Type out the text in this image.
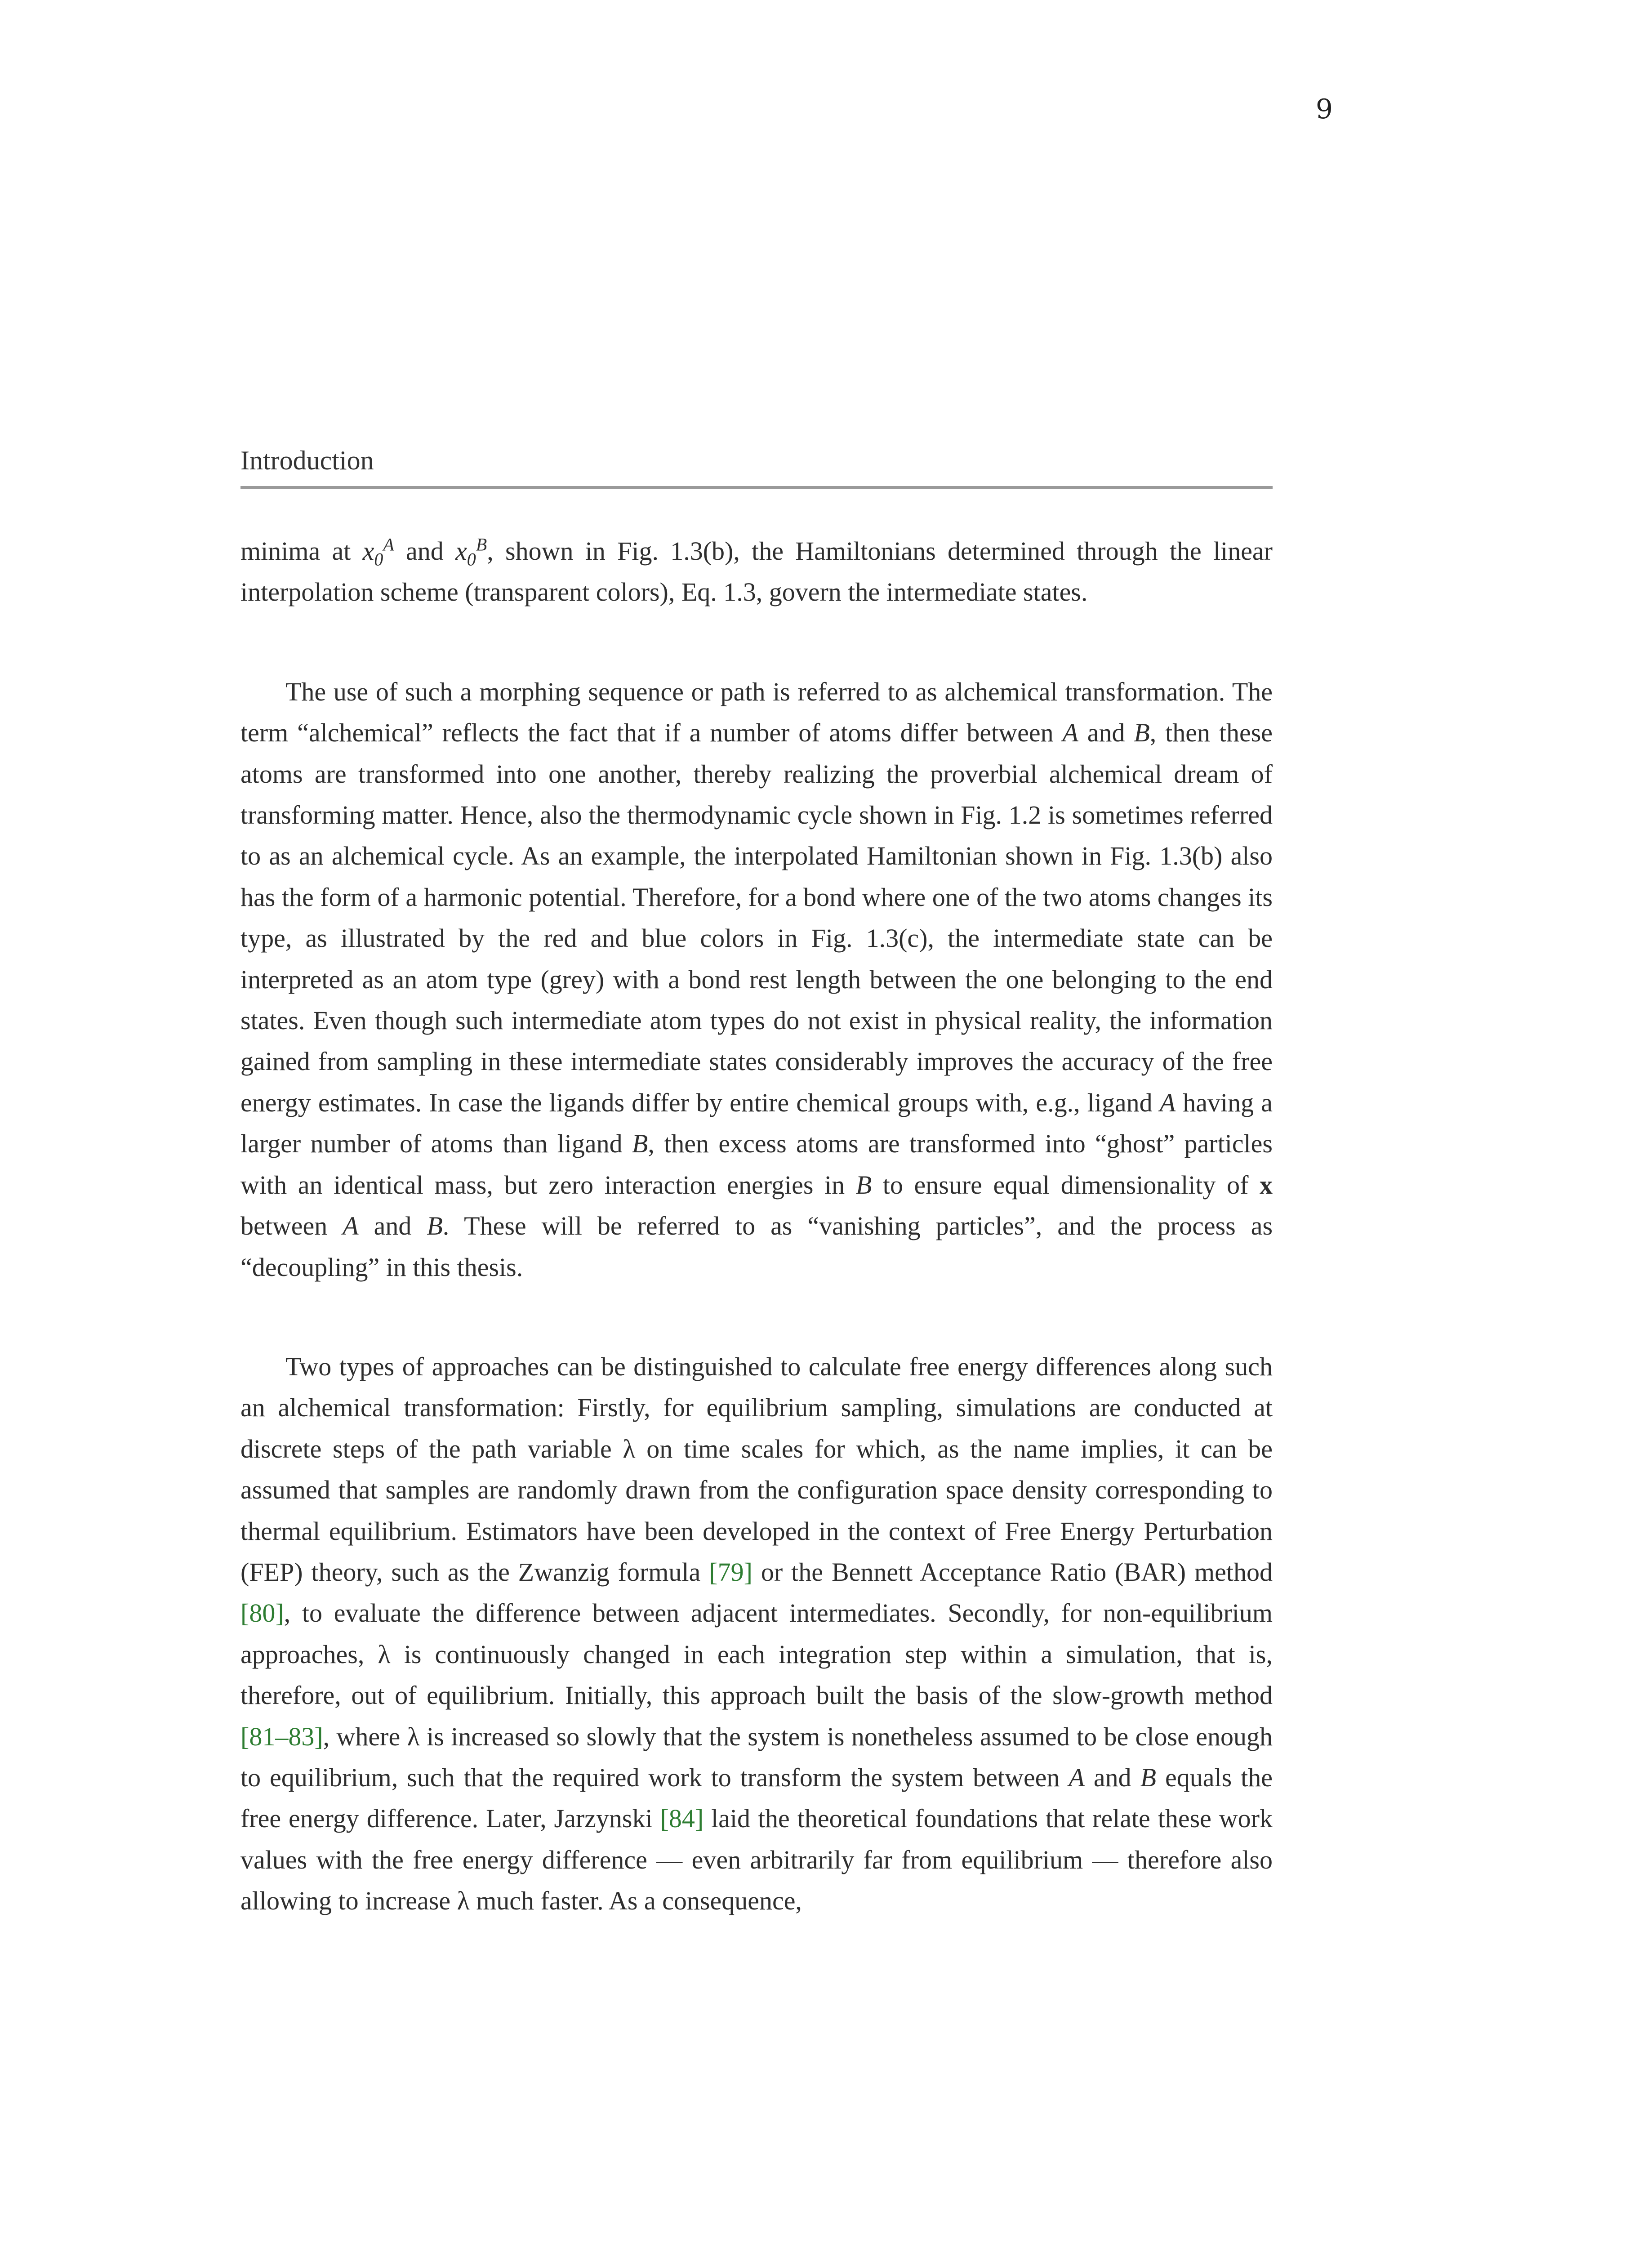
9
Introduction

minima at $x_0^A$ and $x_0^B$, shown in Fig. 1.3(b), the Hamiltonians determined through the linear interpolation scheme (transparent colors), Eq. 1.3, govern the intermediate states.

The use of such a morphing sequence or path is referred to as alchemical transformation. The term “alchemical” reflects the fact that if a number of atoms differ between A and B, then these atoms are transformed into one another, thereby realizing the proverbial alchemical dream of transforming matter. Hence, also the thermodynamic cycle shown in Fig. 1.2 is sometimes referred to as an alchemical cycle. As an example, the interpolated Hamiltonian shown in Fig. 1.3(b) also has the form of a harmonic potential. Therefore, for a bond where one of the two atoms changes its type, as illustrated by the red and blue colors in Fig. 1.3(c), the intermediate state can be interpreted as an atom type (grey) with a bond rest length between the one belonging to the end states. Even though such intermediate atom types do not exist in physical reality, the information gained from sampling in these intermediate states considerably improves the accuracy of the free energy estimates. In case the ligands differ by entire chemical groups with, e.g., ligand A having a larger number of atoms than ligand B, then excess atoms are transformed into “ghost” particles with an identical mass, but zero interaction energies in B to ensure equal dimensionality of x between A and B. These will be referred to as “vanishing particles”, and the process as “decoupling” in this thesis.

Two types of approaches can be distinguished to calculate free energy differences along such an alchemical transformation: Firstly, for equilibrium sampling, simulations are conducted at discrete steps of the path variable λ on time scales for which, as the name implies, it can be assumed that samples are randomly drawn from the configuration space density corresponding to thermal equilibrium. Estimators have been developed in the context of Free Energy Perturbation (FEP) theory, such as the Zwanzig formula [79] or the Bennett Acceptance Ratio (BAR) method [80], to evaluate the difference between adjacent intermediates. Secondly, for non-equilibrium approaches, λ is continuously changed in each integration step within a simulation, that is, therefore, out of equilibrium. Initially, this approach built the basis of the slow-growth method [81–83], where λ is increased so slowly that the system is nonetheless assumed to be close enough to equilibrium, such that the required work to transform the system between A and B equals the free energy difference. Later, Jarzynski [84] laid the theoretical foundations that relate these work values with the free energy difference — even arbitrarily far from equilibrium — therefore also allowing to increase λ much faster. As a consequence,
